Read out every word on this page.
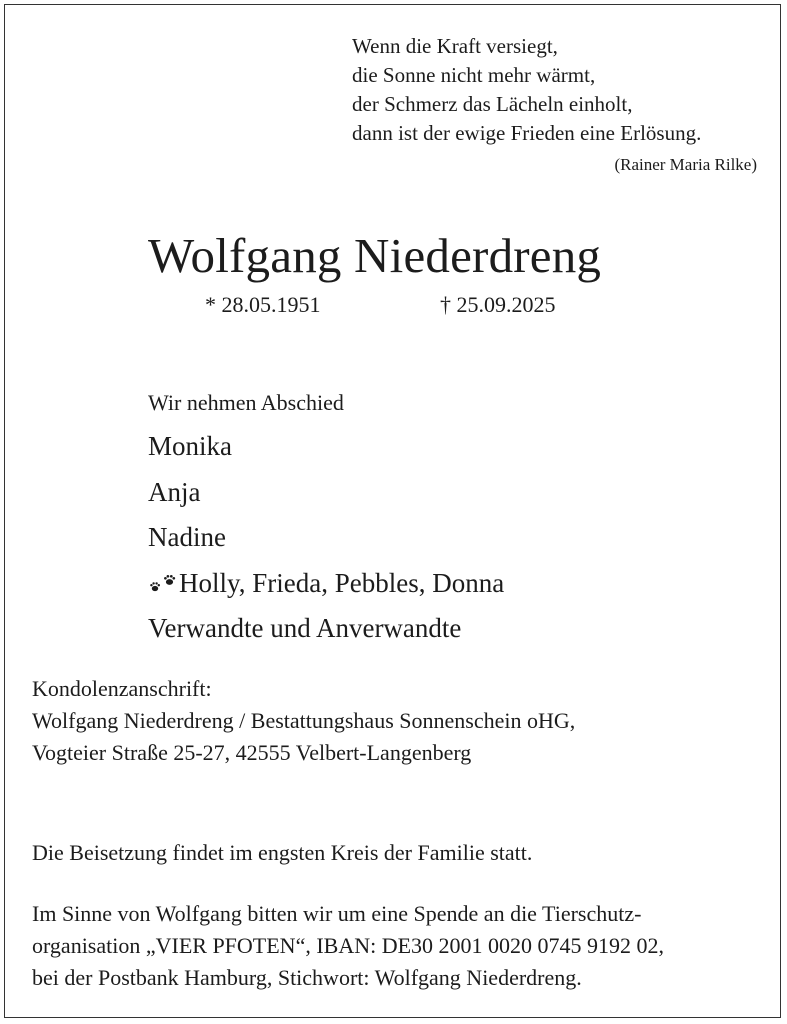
Wenn die Kraft versiegt,
die Sonne nicht mehr wärmt,
der Schmerz das Lächeln einholt,
dann ist der ewige Frieden eine Erlösung.
(Rainer Maria Rilke)
Wolfgang Niederdreng
* 28.05.1951	† 25.09.2025
Wir nehmen Abschied
Monika
Anja
Nadine
Holly, Frieda, Pebbles, Donna
Verwandte und Anverwandte
Kondolenzanschrift:
Wolfgang Niederdreng / Bestattungshaus Sonnenschein oHG,
Vogteier Straße 25-27, 42555 Velbert-Langenberg
Die Beisetzung findet im engsten Kreis der Familie statt.
Im Sinne von Wolfgang bitten wir um eine Spende an die Tierschutz-
organisation „VIER PFOTEN“, IBAN: DE30 2001 0020 0745 9192 02,
bei der Postbank Hamburg, Stichwort: Wolfgang Niederdreng.
